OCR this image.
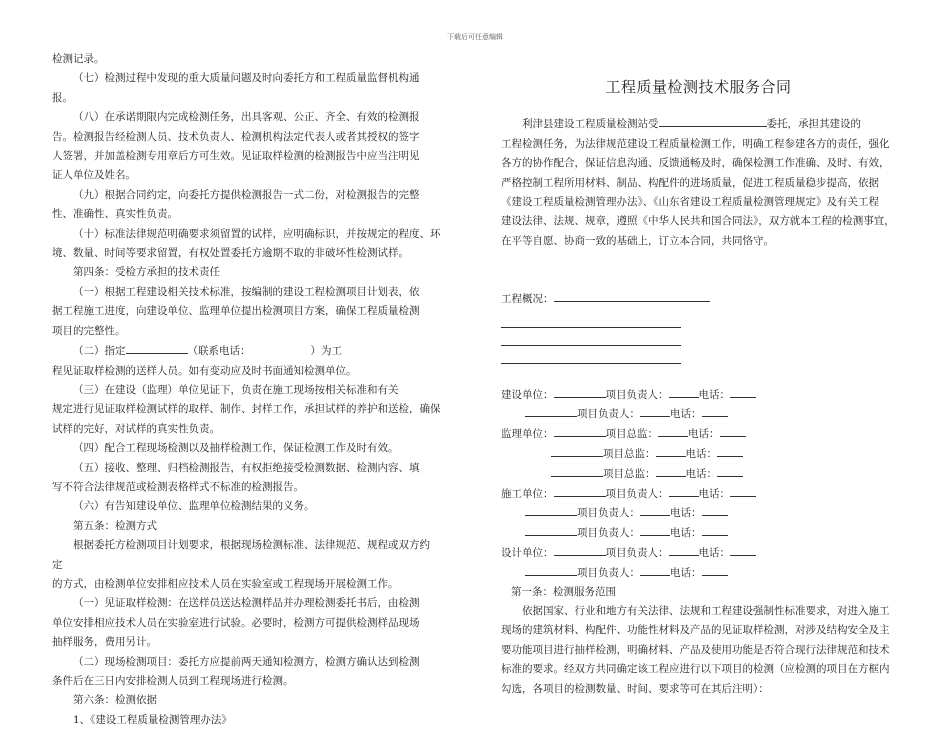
下载后可任意编辑

检测记录。

（七）检测过程中发现的重大质量问题及时向委托方和工程质量监督机构通

报。

（八）在承诺期限内完成检测任务，出具客观、公正、齐全、有效的检测报

告。检测报告经检测人员、技术负责人、检测机构法定代表人或者其授权的签字

人签署，并加盖检测专用章后方可生效。见证取样检测的检测报告中应当注明见

证人单位及姓名。

（九）根据合同约定，向委托方提供检测报告一式二份，对检测报告的完整

性、准确性、真实性负责。

（十）标准法律规范明确要求须留置的试样，应明确标识，并按规定的程度、环

境、数量、时间等要求留置，有权处置委托方逾期不取的非破坏性检测试样。

第四条：受检方承担的技术责任

（一）根据工程建设相关技术标准，按编制的建设工程检测项目计划表，依

据工程施工进度，向建设单位、监理单位提出检测项目方案，确保工程质量检测

项目的完整性。

（二）指定	（联系电话：	）为工

程见证取样检测的送样人员。如有变动应及时书面通知检测单位。

（三）在建设（监理）单位见证下，负责在施工现场按相关标准和有关

规定进行见证取样检测试样的取样、制作、封样工作，承担试样的养护和送检，确保

试样的完好，对试样的真实性负责。

（四）配合工程现场检测以及抽样检测工作，保证检测工作及时有效。

（五）接收、整理、归档检测报告，有权拒绝接受检测数据、检测内容、填

写不符合法律规范或检测表格样式不标准的检测报告。

（六）有告知建设单位、监理单位检测结果的义务。

第五条：检测方式

根据委托方检测项目计划要求，根据现场检测标准、法律规范、规程或双方约

定

的方式，由检测单位安排相应技术人员在实验室或工程现场开展检测工作。

（一）见证取样检测：在送样员送达检测样品并办理检测委托书后，由检测

单位安排相应技术人员在实验室进行试验。必要时，检测方可提供检测样品现场

抽样服务，费用另计。

（二）现场检测项目：委托方应提前两天通知检测方，检测方确认达到检测

条件后在三日内安排检测人员到工程现场进行检测。

第六条：检测依据

1、《建设工程质量检测管理办法》

工程质量检测技术服务合同

利津县建设工程质量检测站受	委托，承担其建设的

工程检测任务，为法律规范建设工程质量检测工作，明确工程参建各方的责任，强化

各方的协作配合，保证信息沟通、反馈通畅及时，确保检测工作准确、及时、有效，

严格控制工程所用材料、制品、构配件的进场质量，促进工程质量稳步提高，依据

《建设工程质量检测管理办法》、《山东省建设工程质量检测管理规定》及有关工程

建设法律、法规、规章，遵照《中华人民共和国合同法》，双方就本工程的检测事宜，

在平等自愿、协商一致的基础上，订立本合同，共同恪守。

工程概况：

建设单位：	项目负责人：	电话：

项目负责人：	电话：

监理单位：	项目总监：	电话：

项目总监：	电话：

项目总监：	电话：

施工单位：	项目负责人：	电话：

项目负责人：	电话：

项目负责人：	电话：

设计单位：	项目负责人：	电话：

项目负责人：	电话：

第一条：检测服务范围

依据国家、行业和地方有关法律、法规和工程建设强制性标准要求，对进入施工

现场的建筑材料、构配件、功能性材料及产品的见证取样检测，对涉及结构安全及主

要功能项目进行抽样检测，明确材料、产品及使用功能是否符合现行法律规范和技术

标准的要求。经双方共同确定该工程应进行以下项目的检测（应检测的项目在方框内

勾选，各项目的检测数量、时间、要求等可在其后注明）：
